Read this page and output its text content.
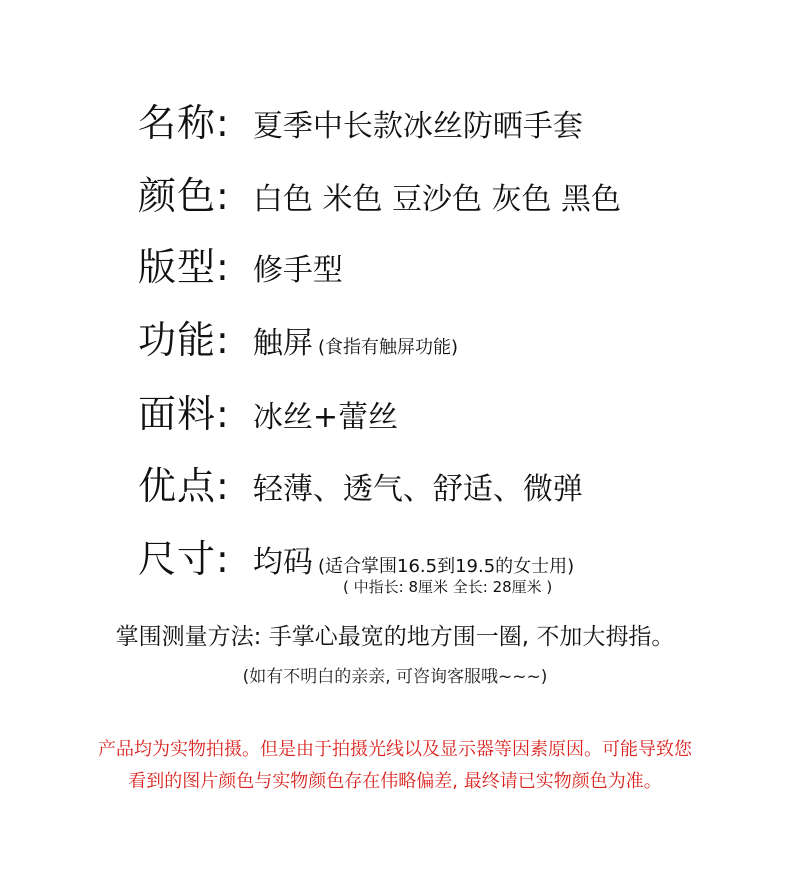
名称: 夏季中长款冰丝防晒手套
颜色: 白色 米色 豆沙色 灰色 黑色
版型: 修手型
功能: 触屏 (食指有触屏功能)
面料: 冰丝+蕾丝
优点: 轻薄、透气、舒适、微弹
尺寸: 均码 (适合掌围16.5到19.5的女士用)
( 中指长: 8厘米 全长: 28厘米 )
掌围测量方法: 手掌心最宽的地方围一圈, 不加大拇指。
(如有不明白的亲亲, 可咨询客服哦~~~)
产品均为实物拍摄。但是由于拍摄光线以及显示器等因素原因。可能导致您
看到的图片颜色与实物颜色存在伟略偏差, 最终请已实物颜色为准。
